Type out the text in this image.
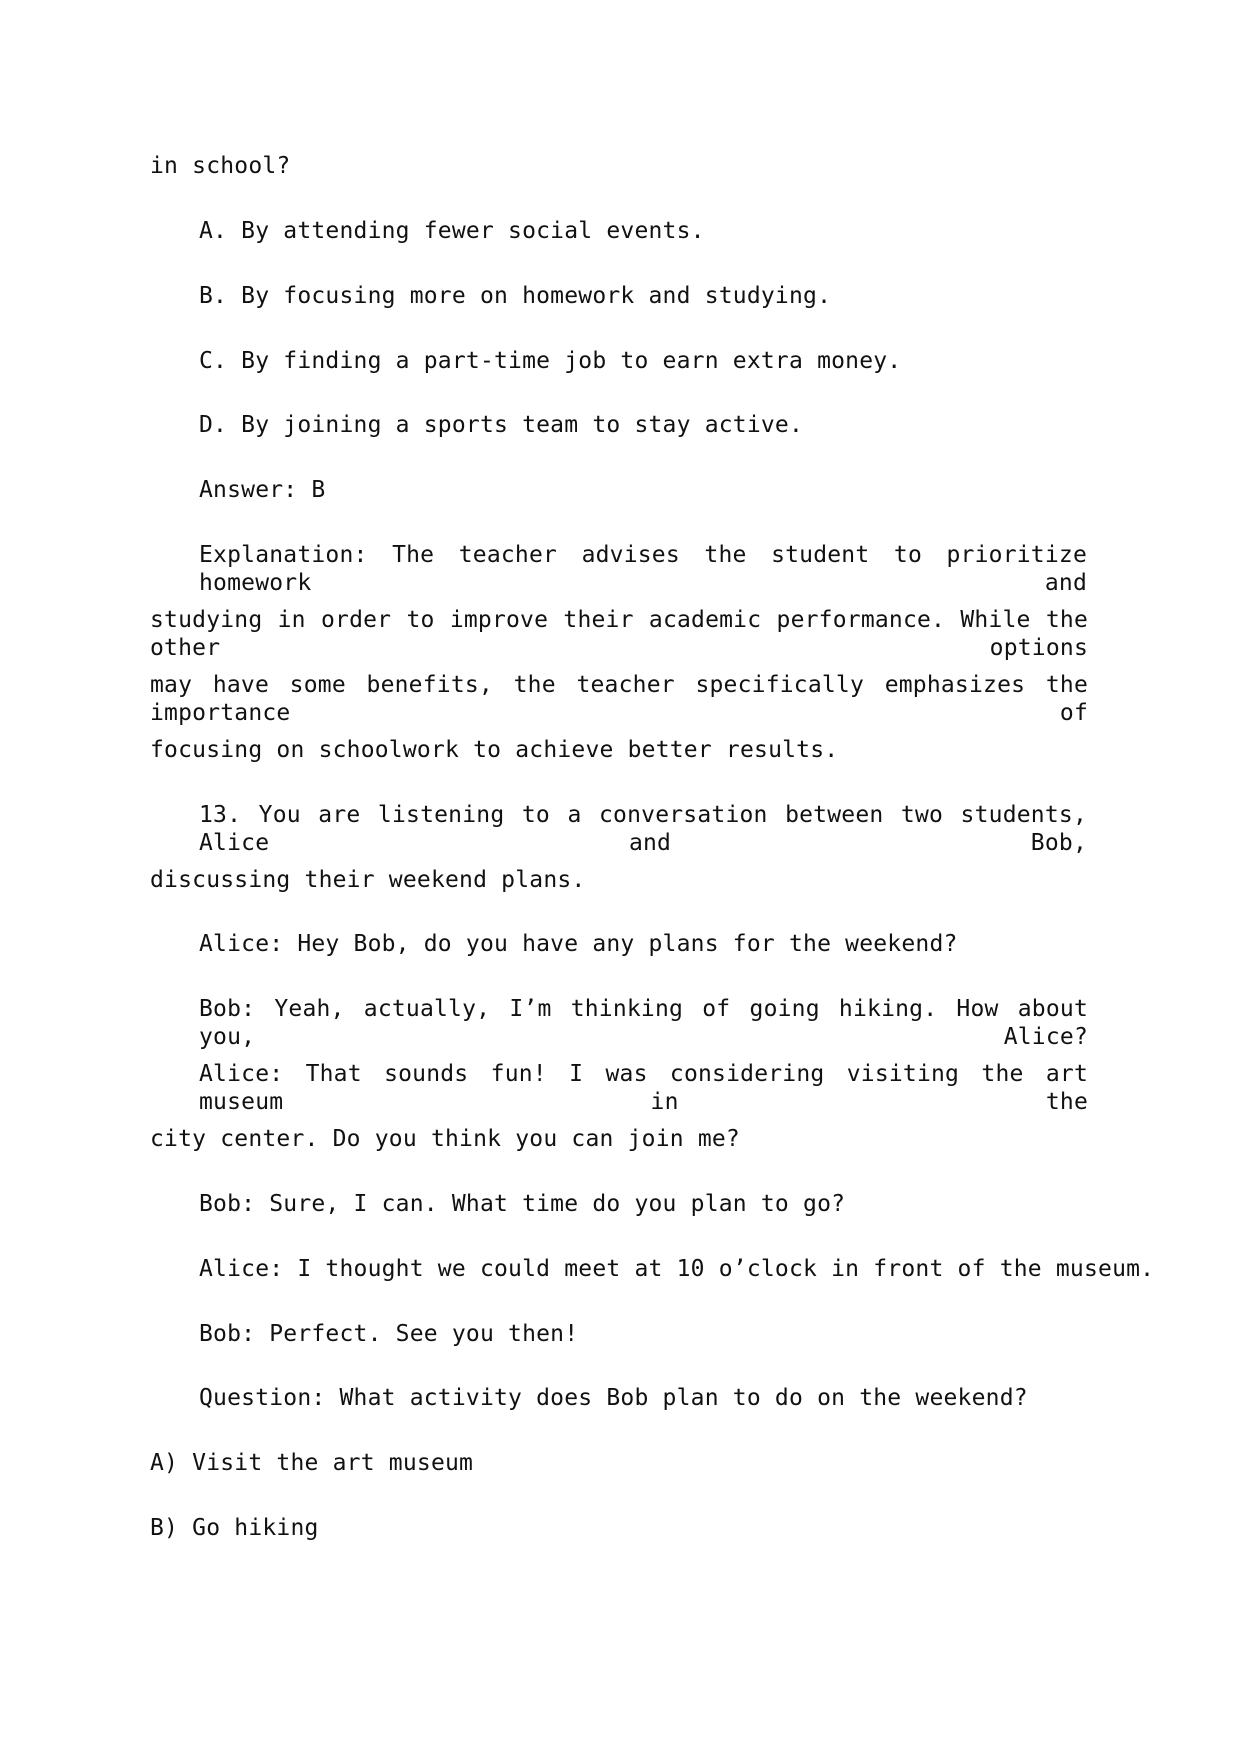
in school?
A. By attending fewer social events.
B. By focusing more on homework and studying.
C. By finding a part-time job to earn extra money.
D. By joining a sports team to stay active.
Answer: B
Explanation: The teacher advises the student to prioritize homework and
studying in order to improve their academic performance. While the other options
may have some benefits, the teacher specifically emphasizes the importance of
focusing on schoolwork to achieve better results.
13. You are listening to a conversation between two students, Alice and Bob,
discussing their weekend plans.
Alice: Hey Bob, do you have any plans for the weekend?
Bob: Yeah, actually, I’m thinking of going hiking. How about you, Alice?
Alice: That sounds fun! I was considering visiting the art museum in the
city center. Do you think you can join me?
Bob: Sure, I can. What time do you plan to go?
Alice: I thought we could meet at 10 o’clock in front of the museum.
Bob: Perfect. See you then!
Question: What activity does Bob plan to do on the weekend?
A) Visit the art museum
B) Go hiking
